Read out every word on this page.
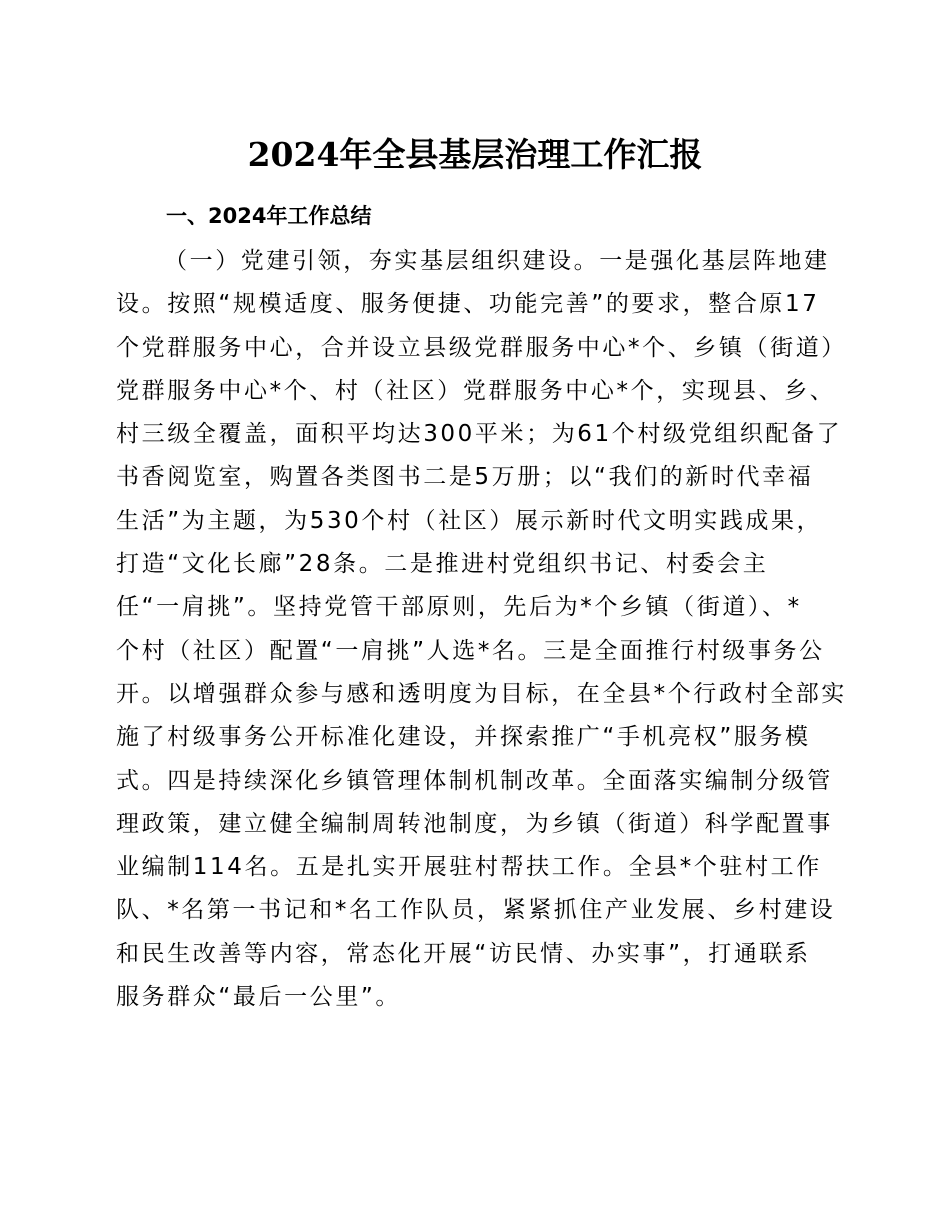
2024年全县基层治理工作汇报
一、2024年工作总结
（一）党建引领，夯实基层组织建设。一是强化基层阵地建
设。按照“规模适度、服务便捷、功能完善”的要求，整合原17
个党群服务中心，合并设立县级党群服务中心*个、乡镇（街道）
党群服务中心*个、村（社区）党群服务中心*个，实现县、乡、
村三级全覆盖，面积平均达300平米；为61个村级党组织配备了
书香阅览室，购置各类图书二是5万册；以“我们的新时代幸福
生活”为主题，为530个村（社区）展示新时代文明实践成果，
打造“文化长廊”28条。二是推进村党组织书记、村委会主
任“一肩挑”。坚持党管干部原则，先后为*个乡镇（街道）、*
个村（社区）配置“一肩挑”人选*名。三是全面推行村级事务公
开。以增强群众参与感和透明度为目标，在全县*个行政村全部实
施了村级事务公开标准化建设，并探索推广“手机亮权”服务模
式。四是持续深化乡镇管理体制机制改革。全面落实编制分级管
理政策，建立健全编制周转池制度，为乡镇（街道）科学配置事
业编制114名。五是扎实开展驻村帮扶工作。全县*个驻村工作
队、*名第一书记和*名工作队员，紧紧抓住产业发展、乡村建设
和民生改善等内容，常态化开展“访民情、办实事”，打通联系
服务群众“最后一公里”。
